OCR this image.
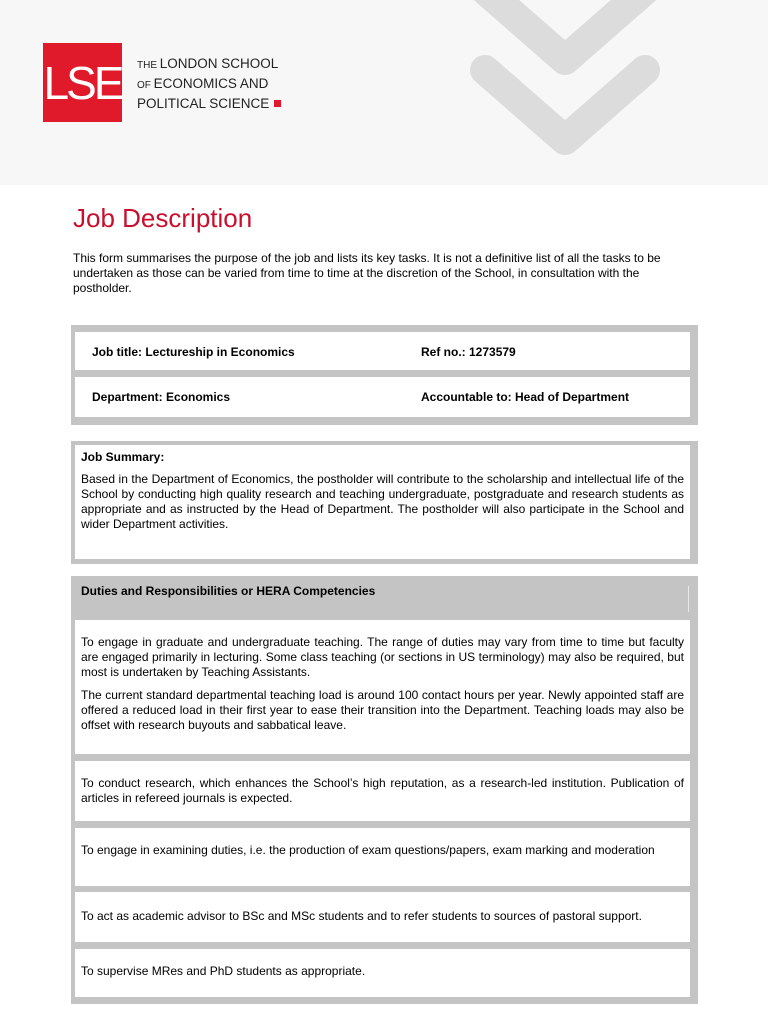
LSE THE LONDON SCHOOL
OF ECONOMICS AND
POLITICAL SCIENCE
Job Description
This form summarises the purpose of the job and lists its key tasks. It is not a definitive list of all the tasks to be undertaken as those can be varied from time to time at the discretion of the School, in consultation with the postholder.
Job title: Lectureship in Economics	Ref no.: 1273579
Department: Economics	Accountable to: Head of Department
Job Summary:
Based in the Department of Economics, the postholder will contribute to the scholarship and intellectual life of the School by conducting high quality research and teaching undergraduate, postgraduate and research students as appropriate and as instructed by the Head of Department. The postholder will also participate in the School and wider Department activities.
Duties and Responsibilities or HERA Competencies

To engage in graduate and undergraduate teaching. The range of duties may vary from time to time but faculty are engaged primarily in lecturing. Some class teaching (or sections in US terminology) may also be required, but most is undertaken by Teaching Assistants.

The current standard departmental teaching load is around 100 contact hours per year. Newly appointed staff are offered a reduced load in their first year to ease their transition into the Department. Teaching loads may also be offset with research buyouts and sabbatical leave.

To conduct research, which enhances the School’s high reputation, as a research-led institution. Publication of articles in refereed journals is expected.

To engage in examining duties, i.e. the production of exam questions/papers, exam marking and moderation

To act as academic advisor to BSc and MSc students and to refer students to sources of pastoral support.

To supervise MRes and PhD students as appropriate.
